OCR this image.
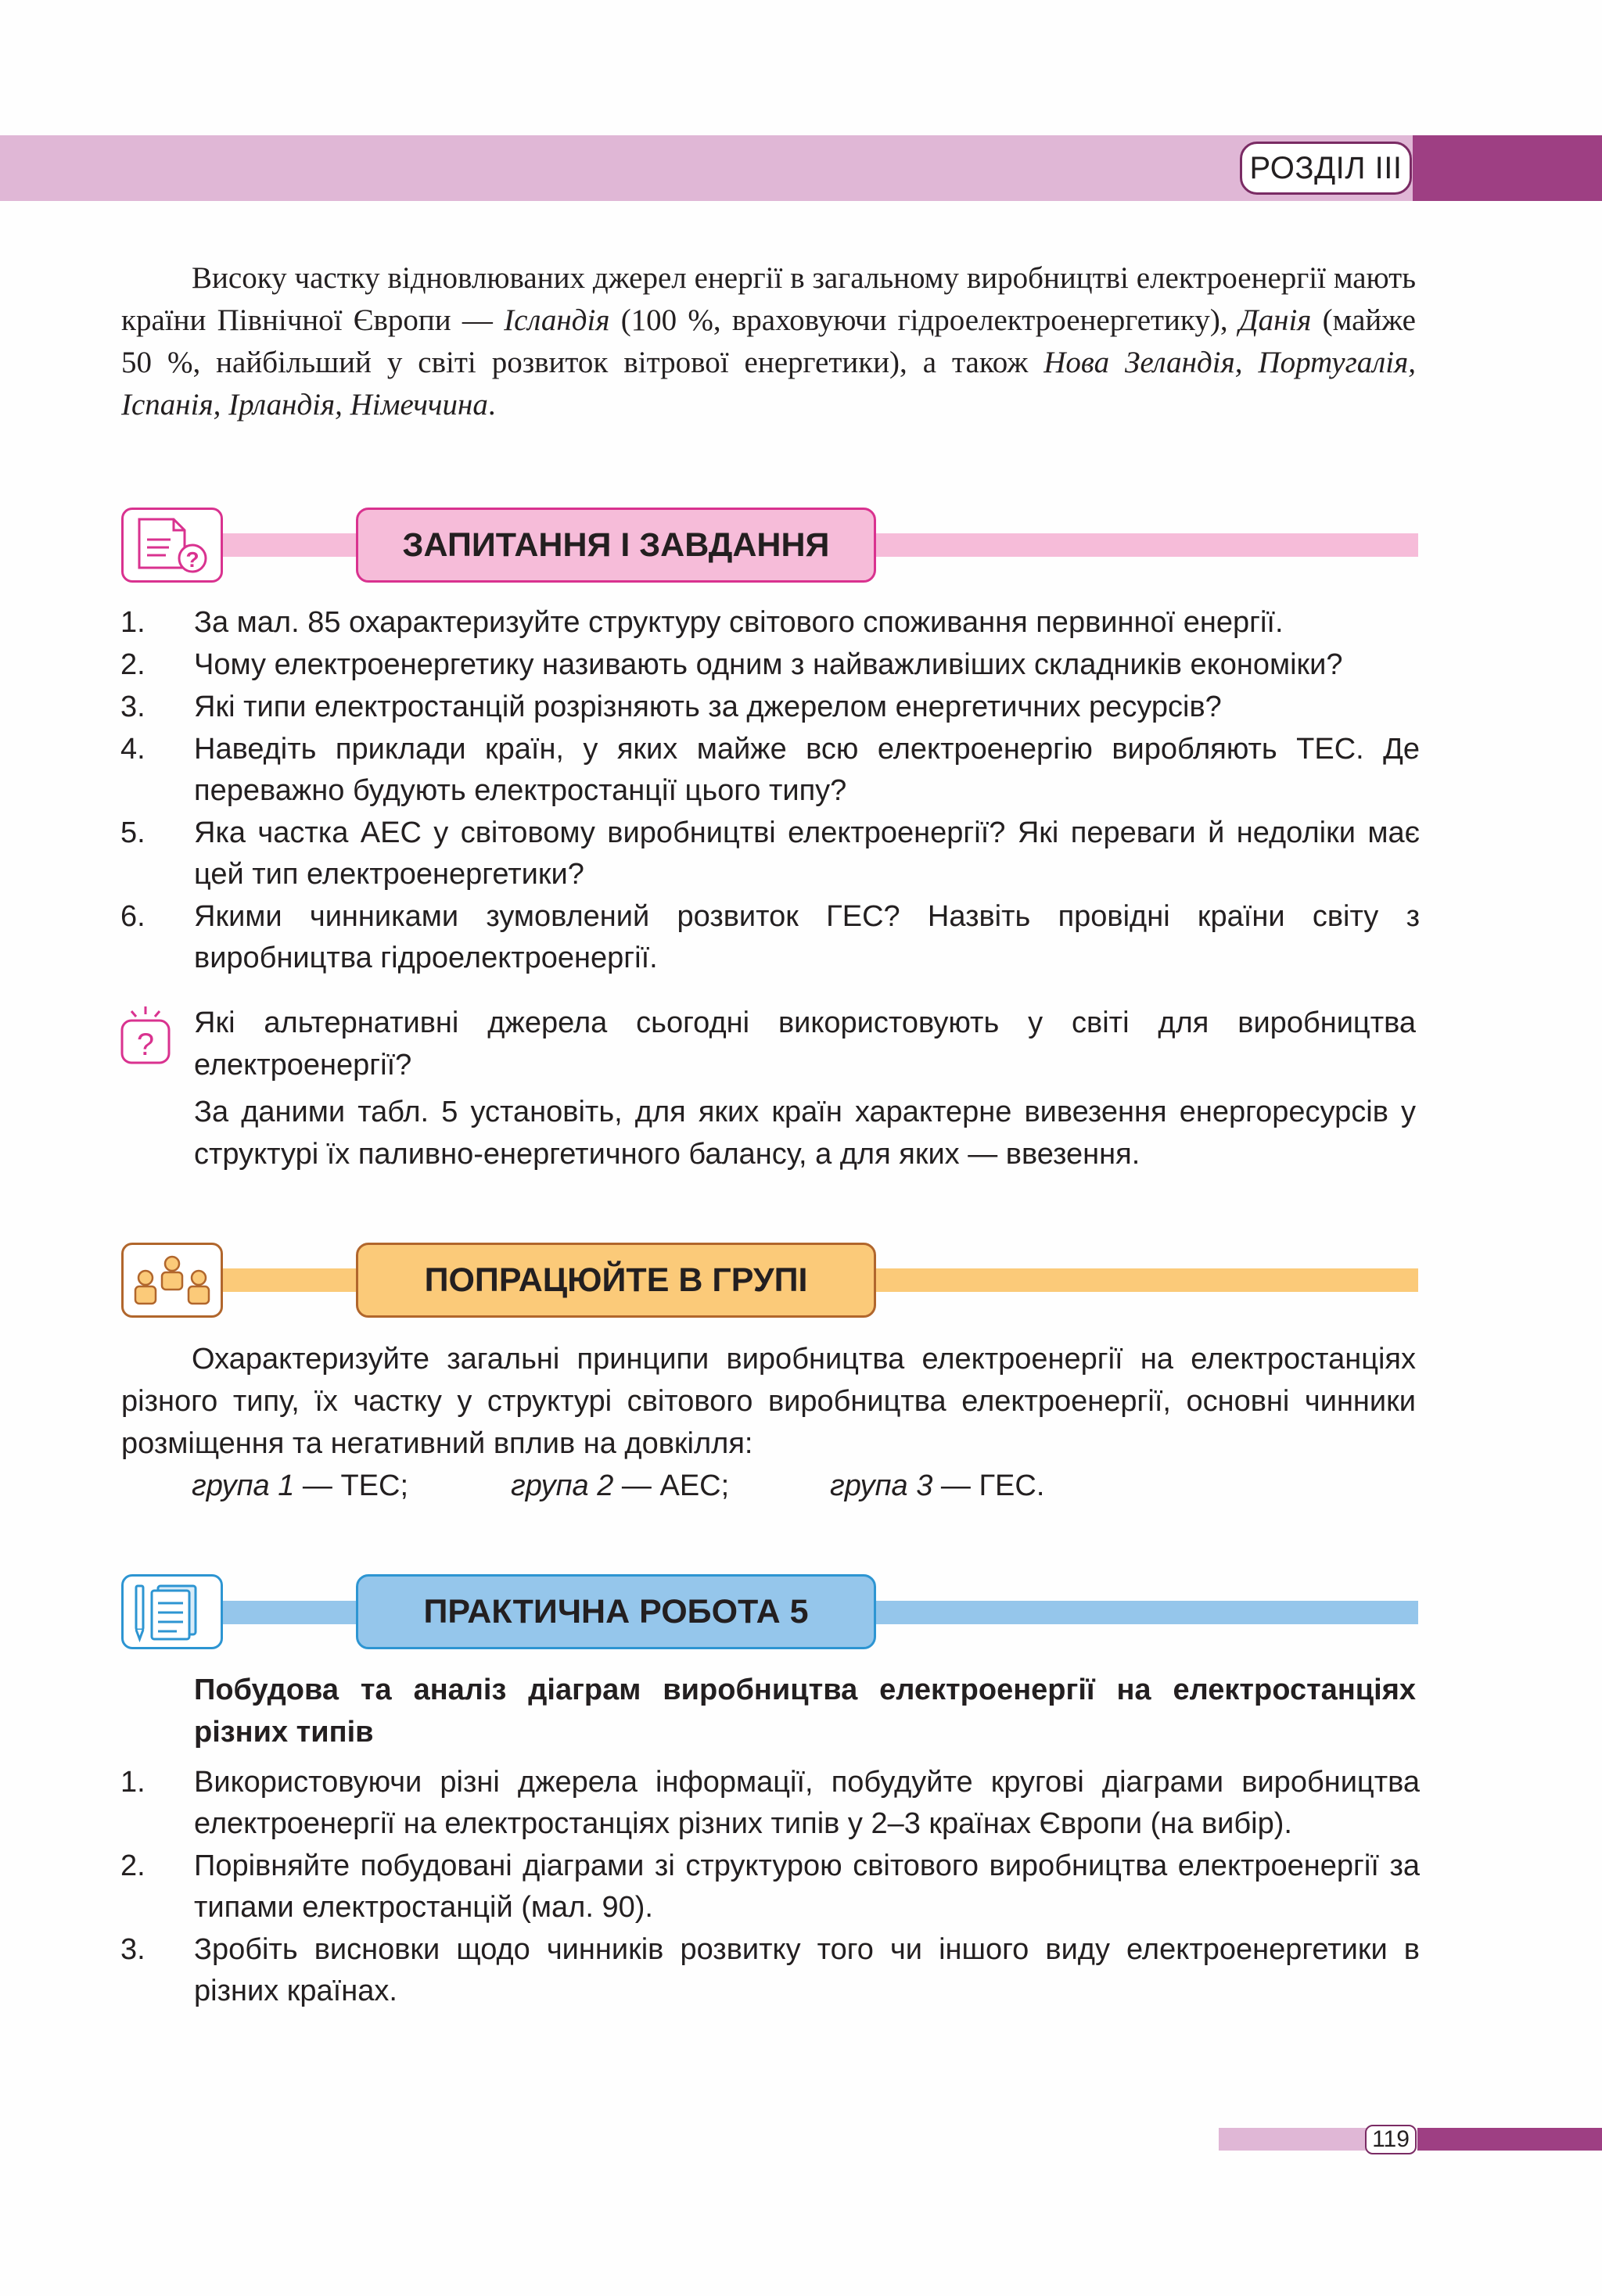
РОЗДІЛ III

Високу частку відновлюваних джерел енергії в загальному виробництві електроенергії мають країни Північної Європи — Ісландія (100 %, враховуючи гідроелектроенергетику), Данія (майже 50 %, найбільший у світі розвиток вітрової енергетики), а також Нова Зеландія, Португалія, Іспанія, Ірландія, Німеччина.

?	ЗАПИТАННЯ І ЗАВДАННЯ
1. За мал. 85 охарактеризуйте структуру світового споживання первинної енергії.
2. Чому електроенергетику називають одним з найважливіших складників економіки?
3. Які типи електростанцій розрізняють за джерелом енергетичних ресурсів?
4. Наведіть приклади країн, у яких майже всю електроенергію виробляють ТЕС. Де переважно будують електростанції цього типу?
5. Яка частка АЕС у світовому виробництві електроенергії? Які переваги й недоліки має цей тип електроенергетики?
6. Якими чинниками зумовлений розвиток ГЕС? Назвіть провідні країни світу з виробництва гідроелектроенергії.
?

Які альтернативні джерела сьогодні використовують у світі для виробництва електроенергії?

За даними табл. 5 установіть, для яких країн характерне вивезення енергоресурсів у структурі їх паливно-енергетичного балансу, а для яких — ввезення.

ПОПРАЦЮЙТЕ В ГРУПІ

Охарактеризуйте загальні принципи виробництва електроенергії на електростанціях різного типу, їх частку у структурі світового виробництва електроенергії, основні чинники розміщення та негативний вплив на довкілля:

група 1 — ТЕС;	група 2 — АЕС;	група 3 — ГЕС.
ПРАКТИЧНА РОБОТА 5

Побудова та аналіз діаграм виробництва електроенергії на електростанціях різних типів

1. Використовуючи різні джерела інформації, побудуйте кругові діаграми виробництва електроенергії на електростанціях різних типів у 2–3 країнах Європи (на вибір).
2. Порівняйте побудовані діаграми зі структурою світового виробництва електроенергії за типами електростанцій (мал. 90).
3. Зробіть висновки щодо чинників розвитку того чи іншого виду електроенергетики в різних країнах.
119
